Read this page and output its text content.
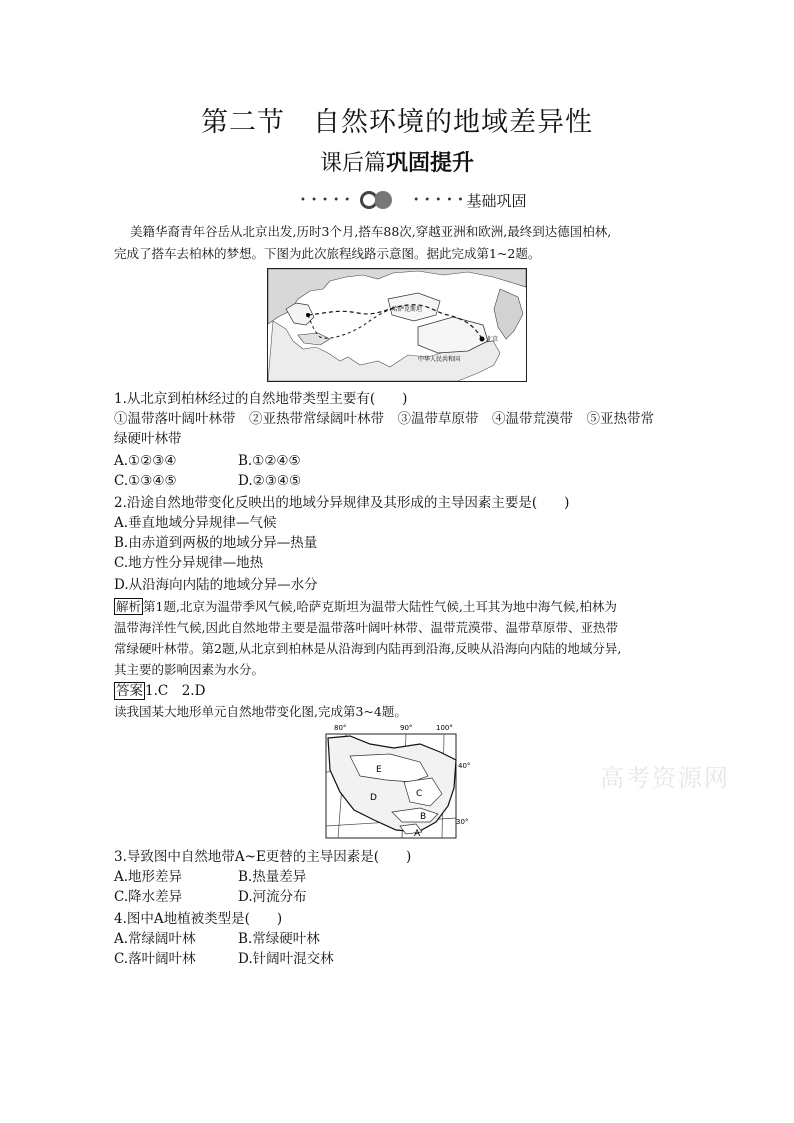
第二节　自然环境的地域差异性
课后篇巩固提升
• • • • •	• • • • • 基础巩固
美籍华裔青年谷岳从北京出发,历时3个月,搭车88次,穿越亚洲和欧洲,最终到达德国柏林,
完成了搭车去柏林的梦想。下图为此次旅程线路示意图。据此完成第1~2题。
北京
中华人民共和国
哈萨克斯坦
1.从北京到柏林经过的自然地带类型主要有(　　)
①温带落叶阔叶林带　②亚热带常绿阔叶林带　③温带草原带　④温带荒漠带　⑤亚热带常
绿硬叶林带
A.①②③④	B.①②④⑤
C.①③④⑤	D.②③④⑤
2.沿途自然地带变化反映出的地域分异规律及其形成的主导因素主要是(　　)
A.垂直地域分异规律—气候
B.由赤道到两极的地域分异—热量
C.地方性分异规律—地热
D.从沿海向内陆的地域分异—水分
解析 第1题,北京为温带季风气候,哈萨克斯坦为温带大陆性气候,土耳其为地中海气候,柏林为
温带海洋性气候,因此自然地带主要是温带落叶阔叶林带、温带荒漠带、温带草原带、亚热带
常绿硬叶林带。第2题,从北京到柏林是从沿海到内陆再到沿海,反映从沿海向内陆的地域分异,
其主要的影响因素为水分。
答案 1.C　2.D
读我国某大地形单元自然地带变化图,完成第3~4题。
80°	90°	100°
E
D	C
B
A
40°
30°
高考资源网
3.导致图中自然地带A~E更替的主导因素是(　　)
A.地形差异	B.热量差异
C.降水差异	D.河流分布
4.图中A地植被类型是(　　)
A.常绿阔叶林	B.常绿硬叶林
C.落叶阔叶林	D.针阔叶混交林
